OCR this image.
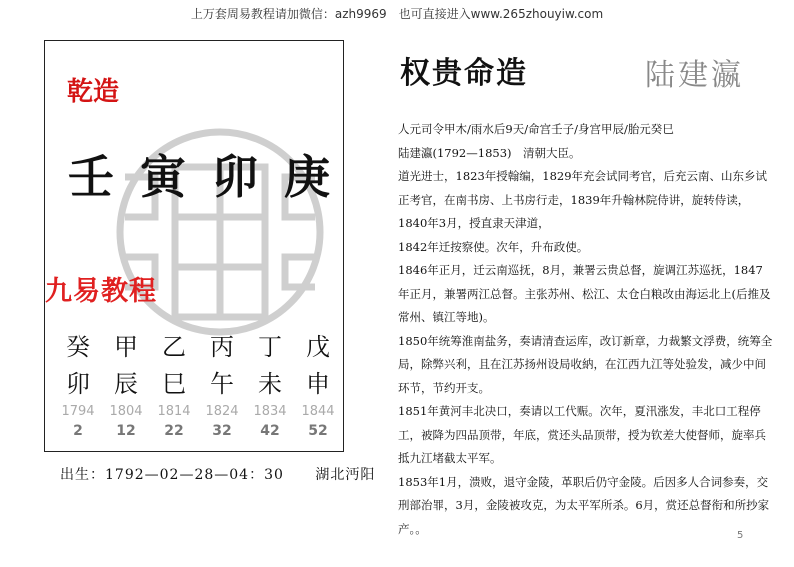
上万套周易教程请加微信：azh9969　也可直接进入www.265zhouyiw.com
乾造
壬 寅 卯 庚
九易教程
癸	甲	乙	丙	丁	戊
卯	辰	巳	午	未	申
1794	1804	1814	1824	1834	1844
2	12	22	32	42	52
出生：1792—02—28—04：30 湖北沔阳
权贵命造	陆建瀛

人元司令甲木/雨水后9天/命宫壬子/身宫甲辰/胎元癸巳

陆建瀛(1792—1853)　清朝大臣。

道光进士，1823年授翰编，1829年充会试同考官，后充云南、山东乡试正考官，在南书房、上书房行走，1839年升翰林院侍讲，旋转侍读，1840年3月，授直隶天津道，

1842年迁按察使。次年，升布政使。

1846年正月，迁云南巡抚，8月，兼署云贵总督，旋调江苏巡抚，1847年正月，兼署两江总督。主张苏州、松江、太仓白粮改由海运北上(后推及常州、镇江等地)。

1850年统筹淮南盐务，奏请清查运库，改订新章，力裁繁文浮费，统筹全局，除弊兴利，且在江苏扬州设局收納，在江西九江等处验发，减少中间环节，节约开支。

1851年黄河丰北决口，奏请以工代赈。次年，夏汛涨发，丰北口工程停工，被降为四品顶带，年底，赏还头品顶带，授为钦差大使督师，旋率兵抵九江堵截太平军。

1853年1月，溃败，退守金陵，革职后仍守金陵。后因多人合词参奏，交刑部治罪，3月，金陵被攻克，为太平军所杀。6月，赏还总督衔和所抄家产。。	5
